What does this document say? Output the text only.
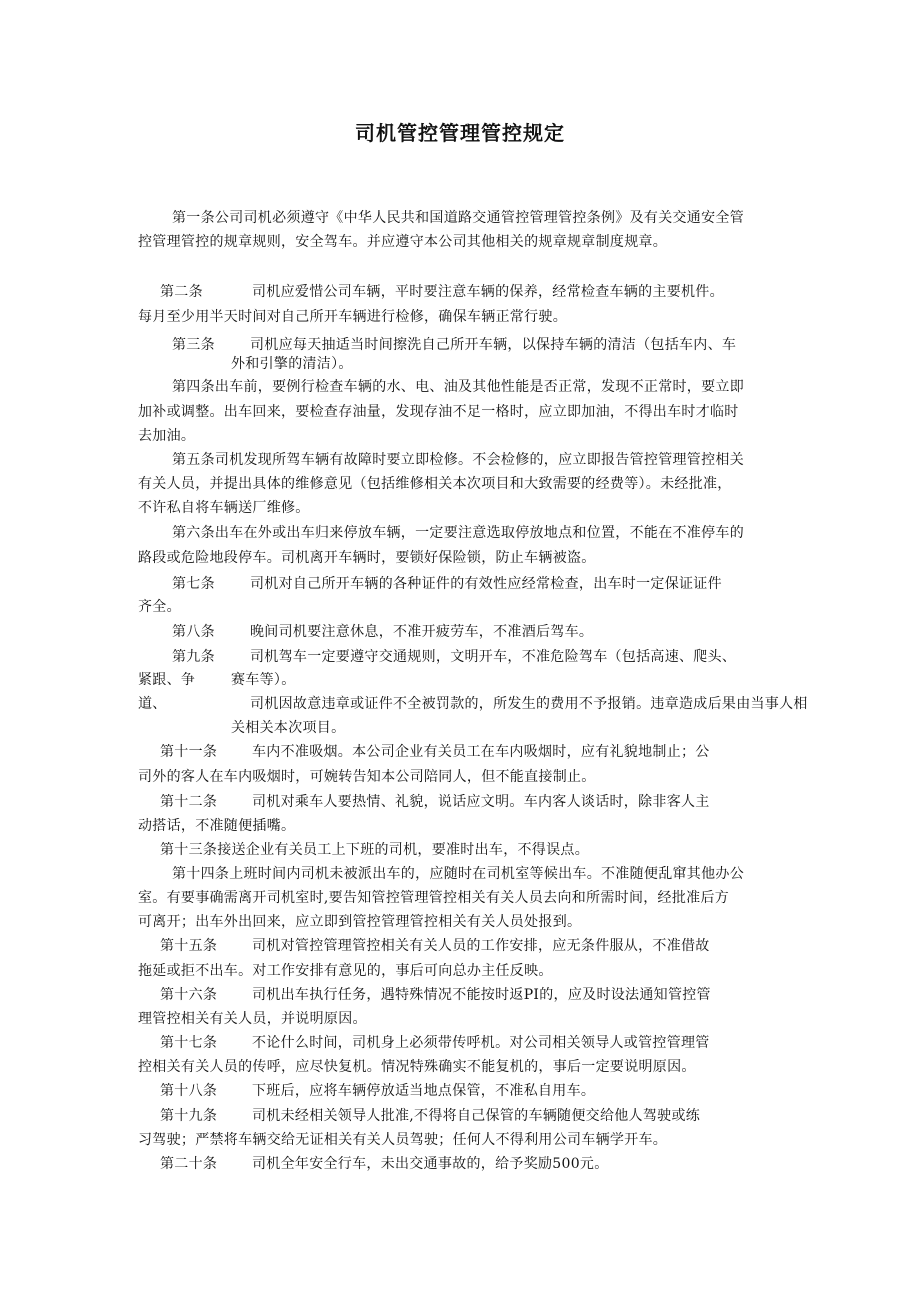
司机管控管理管控规定
第一条公司司机必须遵守《中华人民共和国道路交通管控管理管控条例》及有关交通安全管
控管理管控的规章规则，安全驾车。并应遵守本公司其他相关的规章规章制度规章。
第二条	司机应爱惜公司车辆，平时要注意车辆的保养，经常检查车辆的主要机件。
每月至少用半天时间对自己所开车辆进行检修，确保车辆正常行驶。
第三条	司机应每天抽适当时间擦洗自己所开车辆，以保持车辆的清洁（包括车内、车
外和引擎的清洁）。
第四条出车前，要例行检查车辆的水、电、油及其他性能是否正常，发现不正常时，要立即
加补或调整。出车回来，要检查存油量，发现存油不足一格时，应立即加油，不得出车时才临时
去加油。
第五条司机发现所驾车辆有故障时要立即检修。不会检修的，应立即报告管控管理管控相关
有关人员，并提出具体的维修意见（包括维修相关本次项目和大致需要的经费等）。未经批准，
不许私自将车辆送厂维修。
第六条出车在外或出车归来停放车辆，一定要注意选取停放地点和位置，不能在不准停车的
路段或危险地段停车。司机离开车辆时，要锁好保险锁，防止车辆被盗。
第七条	司机对自己所开车辆的各种证件的有效性应经常检查，出车时一定保证证件
齐全。
第八条	晚间司机要注意休息，不准开疲劳车，不准酒后驾车。
第九条	司机驾车一定要遵守交通规则，文明开车，不准危险驾车（包括高速、爬头、
紧跟、争	赛车等）。
道、	司机因故意违章或证件不全被罚款的，所发生的费用不予报销。违章造成后果由当事人相
关相关本次项目。
第十一条 车内不准吸烟。本公司企业有关员工在车内吸烟时，应有礼貌地制止；公
司外的客人在车内吸烟时，可婉转告知本公司陪同人，但不能直接制止。
第十二条 司机对乘车人要热情、礼貌，说话应文明。车内客人谈话时，除非客人主
动搭话，不准随便插嘴。
第十三条接送企业有关员工上下班的司机，要准时出车，不得误点。
第十四条上班时间内司机未被派出车的，应随时在司机室等候出车。不准随便乱窜其他办公
室。有要事确需离开司机室时,要告知管控管理管控相关有关人员去向和所需时间，经批准后方
可离开；出车外出回来，应立即到管控管理管控相关有关人员处报到。
第十五条 司机对管控管理管控相关有关人员的工作安排，应无条件服从，不准借故
拖延或拒不出车。对工作安排有意见的，事后可向总办主任反映。
第十六条 司机出车执行任务，遇特殊情况不能按时返PI的，应及时设法通知管控管
理管控相关有关人员，并说明原因。
第十七条 不论什么时间，司机身上必须带传呼机。对公司相关领导人或管控管理管
控相关有关人员的传呼，应尽快复机。情况特殊确实不能复机的，事后一定要说明原因。
第十八条 下班后，应将车辆停放适当地点保管，不准私自用车。
第十九条 司机未经相关领导人批准,不得将自己保管的车辆随便交给他人驾驶或练
习驾驶；严禁将车辆交给无证相关有关人员驾驶；任何人不得利用公司车辆学开车。
第二十条 司机全年安全行车，未出交通事故的，给予奖励500元。
